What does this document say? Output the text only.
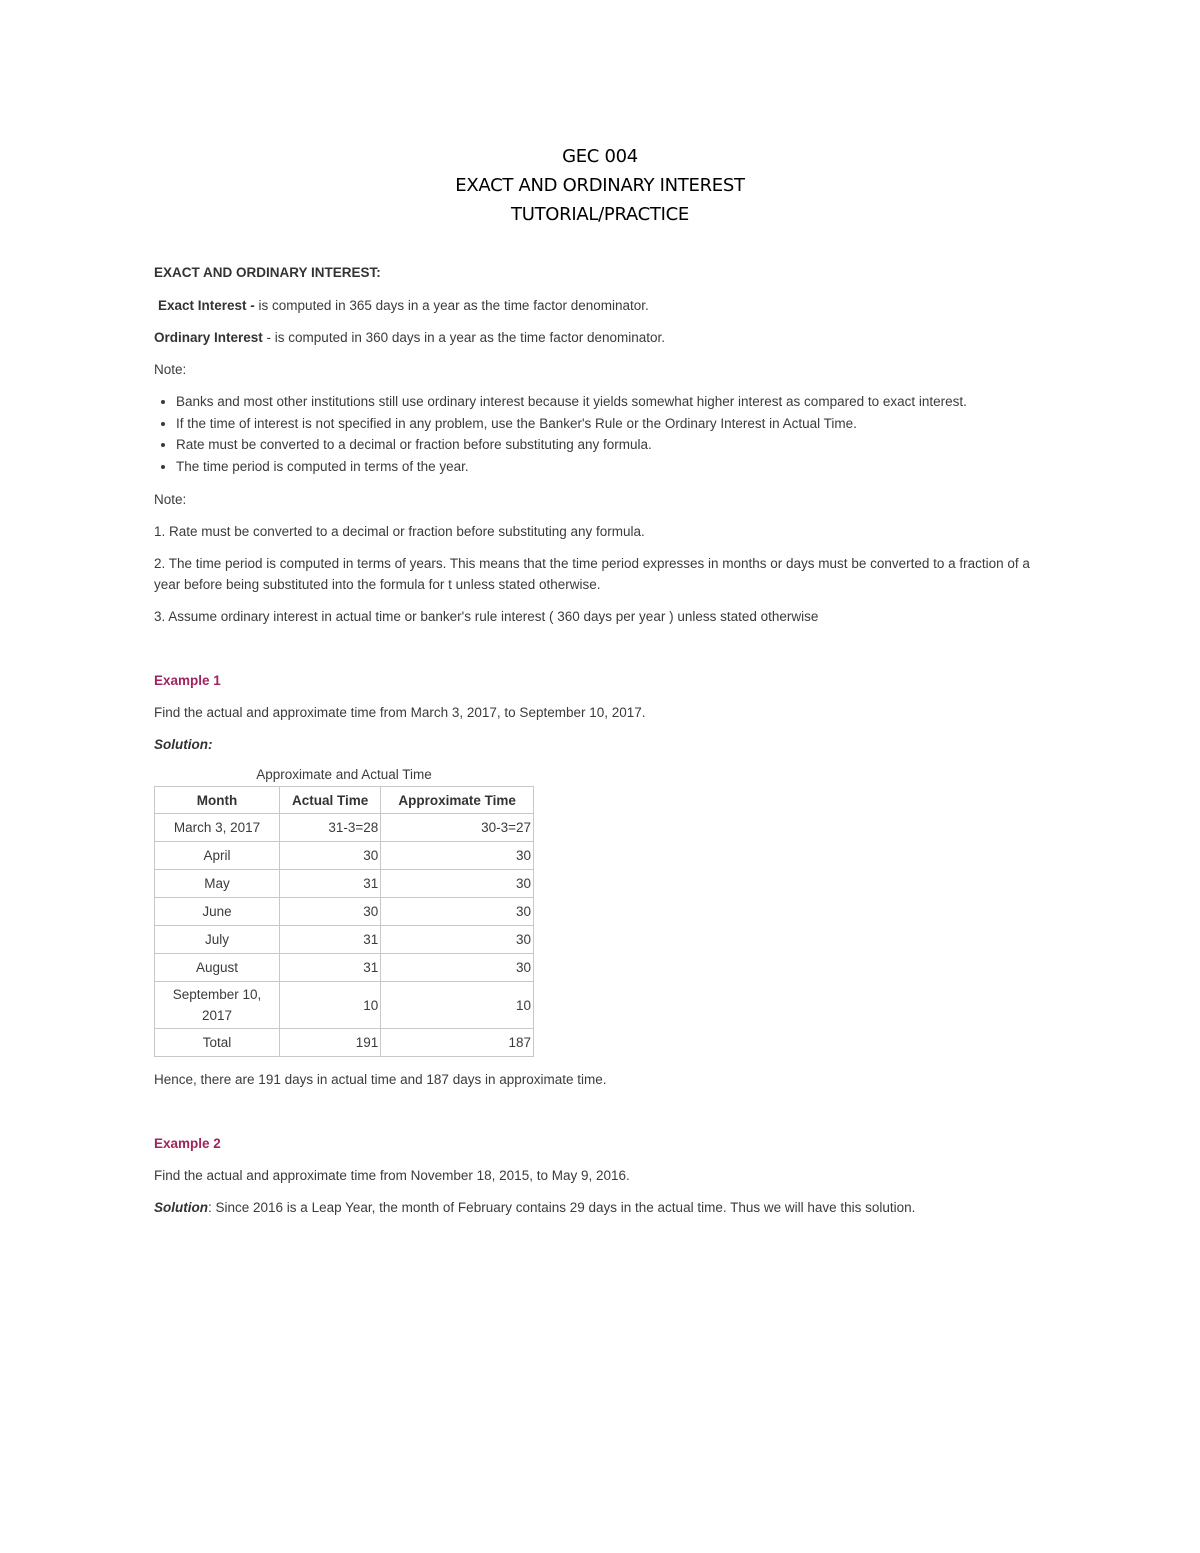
GEC 004
EXACT AND ORDINARY INTEREST
TUTORIAL/PRACTICE
EXACT AND ORDINARY INTEREST:
Exact Interest - is computed in 365 days in a year as the time factor denominator.
Ordinary Interest - is computed in 360 days in a year as the time factor denominator.
Note:
• Banks and most other institutions still use ordinary interest because it yields somewhat higher interest as compared to exact interest.
• If the time of interest is not specified in any problem, use the Banker's Rule or the Ordinary Interest in Actual Time.
• Rate must be converted to a decimal or fraction before substituting any formula.
• The time period is computed in terms of the year.
Note:
1. Rate must be converted to a decimal or fraction before substituting any formula.
2. The time period is computed in terms of years. This means that the time period expresses in months or days must be converted to a fraction of a year before being substituted into the formula for t unless stated otherwise.
3. Assume ordinary interest in actual time or banker's rule interest ( 360 days per year ) unless stated otherwise
Example 1
Find the actual and approximate time from March 3, 2017, to September 10, 2017.
Solution:
Approximate and Actual Time
Month	Actual Time	Approximate Time
March 3, 2017	31-3=28	30-3=27
April	30	30
May	31	30
June	30	30
July	31	30
August	31	30
September 10, 2017	10	10
Total	191	187
Hence, there are 191 days in actual time and 187 days in approximate time.
Example 2
Find the actual and approximate time from November 18, 2015, to May 9, 2016.
Solution: Since 2016 is a Leap Year, the month of February contains 29 days in the actual time. Thus we will have this solution.
